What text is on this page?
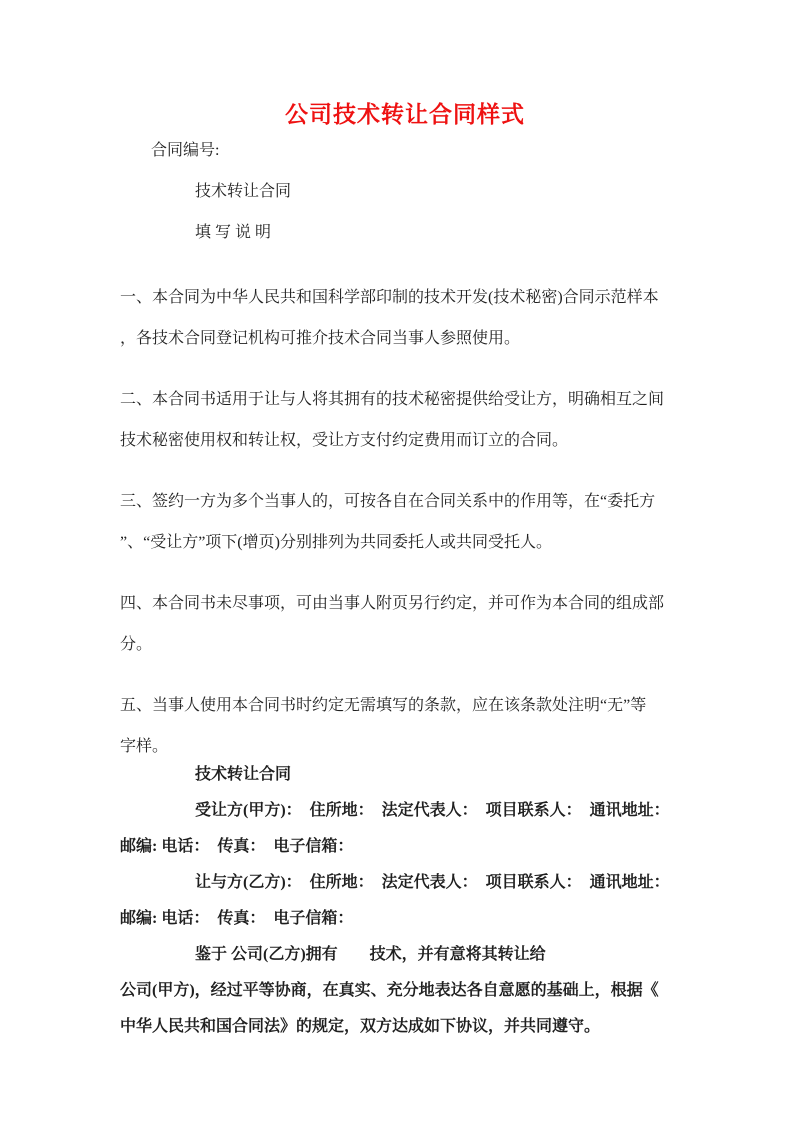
公司技术转让合同样式
合同编号:
技术转让合同
填 写 说 明
一、本合同为中华人民共和国科学部印制的技术开发(技术秘密)合同示范样本
，各技术合同登记机构可推介技术合同当事人参照使用。
二、本合同书适用于让与人将其拥有的技术秘密提供给受让方，明确相互之间
技术秘密使用权和转让权，受让方支付约定费用而订立的合同。
三、签约一方为多个当事人的，可按各自在合同关系中的作用等，在“委托方
”、“受让方”项下(增页)分别排列为共同委托人或共同受托人。
四、本合同书未尽事项，可由当事人附页另行约定，并可作为本合同的组成部
分。
五、当事人使用本合同书时约定无需填写的条款，应在该条款处注明“无”等
字样。
技术转让合同
受让方(甲方)：　住所地：　法定代表人：　项目联系人：　通讯地址：
邮编: 电话：　传真：　电子信箱：
让与方(乙方)：　住所地：　法定代表人：　项目联系人：　通讯地址：
邮编: 电话：　传真：　电子信箱：
鉴于 公司(乙方)拥有　　技术，并有意将其转让给
公司(甲方)，经过平等协商，在真实、充分地表达各自意愿的基础上，根据《
中华人民共和国合同法》的规定，双方达成如下协议，并共同遵守。
